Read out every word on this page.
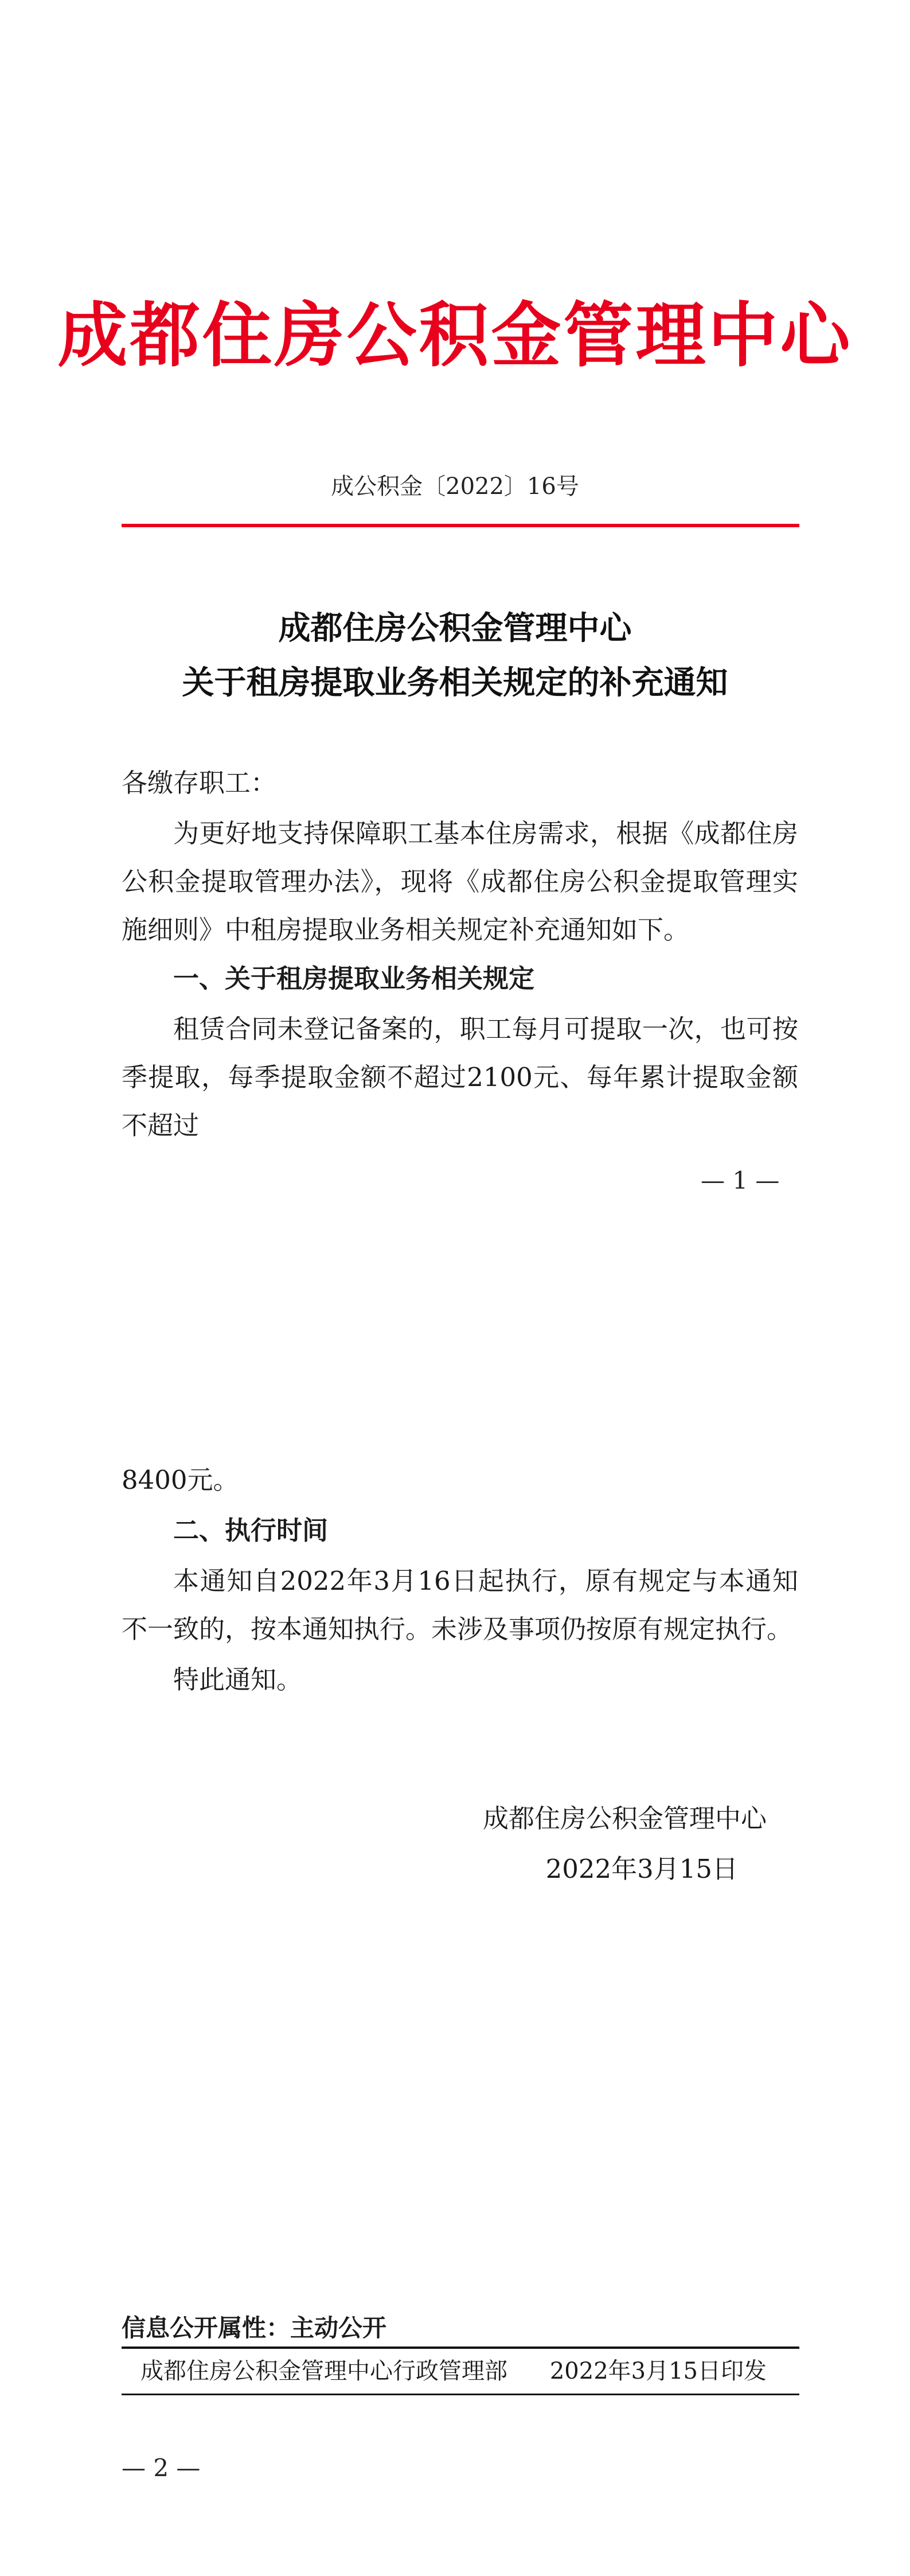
成都住房公积金管理中心
成公积金〔2022〕16号
成都住房公积金管理中心
关于租房提取业务相关规定的补充通知
各缴存职工：
为更好地支持保障职工基本住房需求，根据《成都住房公积金提取管理办法》，现将《成都住房公积金提取管理实施细则》中租房提取业务相关规定补充通知如下。
一、关于租房提取业务相关规定
租赁合同未登记备案的，职工每月可提取一次，也可按季提取，每季提取金额不超过2100元、每年累计提取金额不超过
— 1 —
8400元。
二、执行时间
本通知自2022年3月16日起执行，原有规定与本通知不一致的，按本通知执行。未涉及事项仍按原有规定执行。
特此通知。
成都住房公积金管理中心
2022年3月15日
信息公开属性：主动公开
成都住房公积金管理中心行政管理部 2022年3月15日印发
— 2 —
